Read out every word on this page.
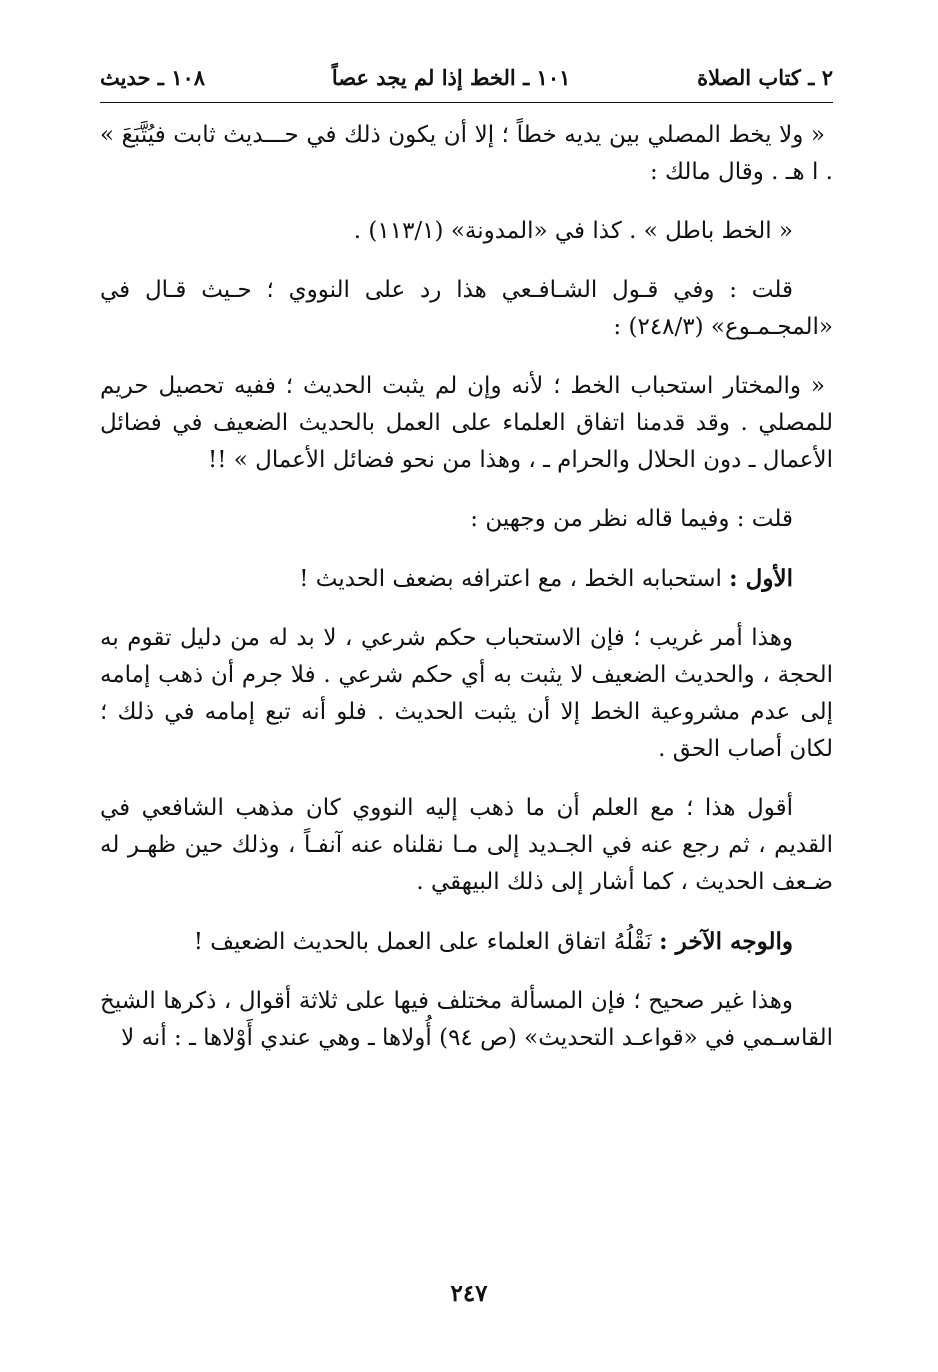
٢ ـ كتاب الصلاة
١٠١ ـ الخط إذا لم يجد عصاً
١٠٨ ـ حديث

« ولا يخط المصلي بين يديه خطاً ؛ إلا أن يكون ذلك في حـــديث ثابت فيُتَّبَعَ » . ا هـ . وقال مالك :

« الخط باطل » . كذا في «المدونة» (١١٣/١) .

قلت : وفي قـول الشـافـعي هذا رد على النووي ؛ حـيث قـال في «المجـمـوع» (٢٤٨/٣) :

« والمختار استحباب الخط ؛ لأنه وإن لم يثبت الحديث ؛ ففيه تحصيل حريم للمصلي . وقد قدمنا اتفاق العلماء على العمل بالحديث الضعيف في فضائل الأعمال ـ دون الحلال والحرام ـ ، وهذا من نحو فضائل الأعمال » !!

قلت : وفيما قاله نظر من وجهين :

الأول : استحبابه الخط ، مع اعترافه بضعف الحديث !

وهذا أمر غريب ؛ فإن الاستحباب حكم شرعي ، لا بد له من دليل تقوم به الحجة ، والحديث الضعيف لا يثبت به أي حكم شرعي . فلا جرم أن ذهب إمامه إلى عدم مشروعية الخط إلا أن يثبت الحديث . فلو أنه تبع إمامه في ذلك ؛ لكان أصاب الحق .

أقول هذا ؛ مع العلم أن ما ذهب إليه النووي كان مذهب الشافعي في القديم ، ثم رجع عنه في الجـديد إلى مـا نقلناه عنه آنفـاً ، وذلك حين ظهـر له ضـعف الحديث ، كما أشار إلى ذلك البيهقي .

والوجه الآخر : نَقْلُهُ اتفاق العلماء على العمل بالحديث الضعيف !

وهذا غير صحيح ؛ فإن المسألة مختلف فيها على ثلاثة أقوال ، ذكرها الشيخ القاسـمي في «قواعـد التحديث» (ص ٩٤) أُولاها ـ وهي عندي أَوْلاها ـ : أنه لا

٢٤٧
